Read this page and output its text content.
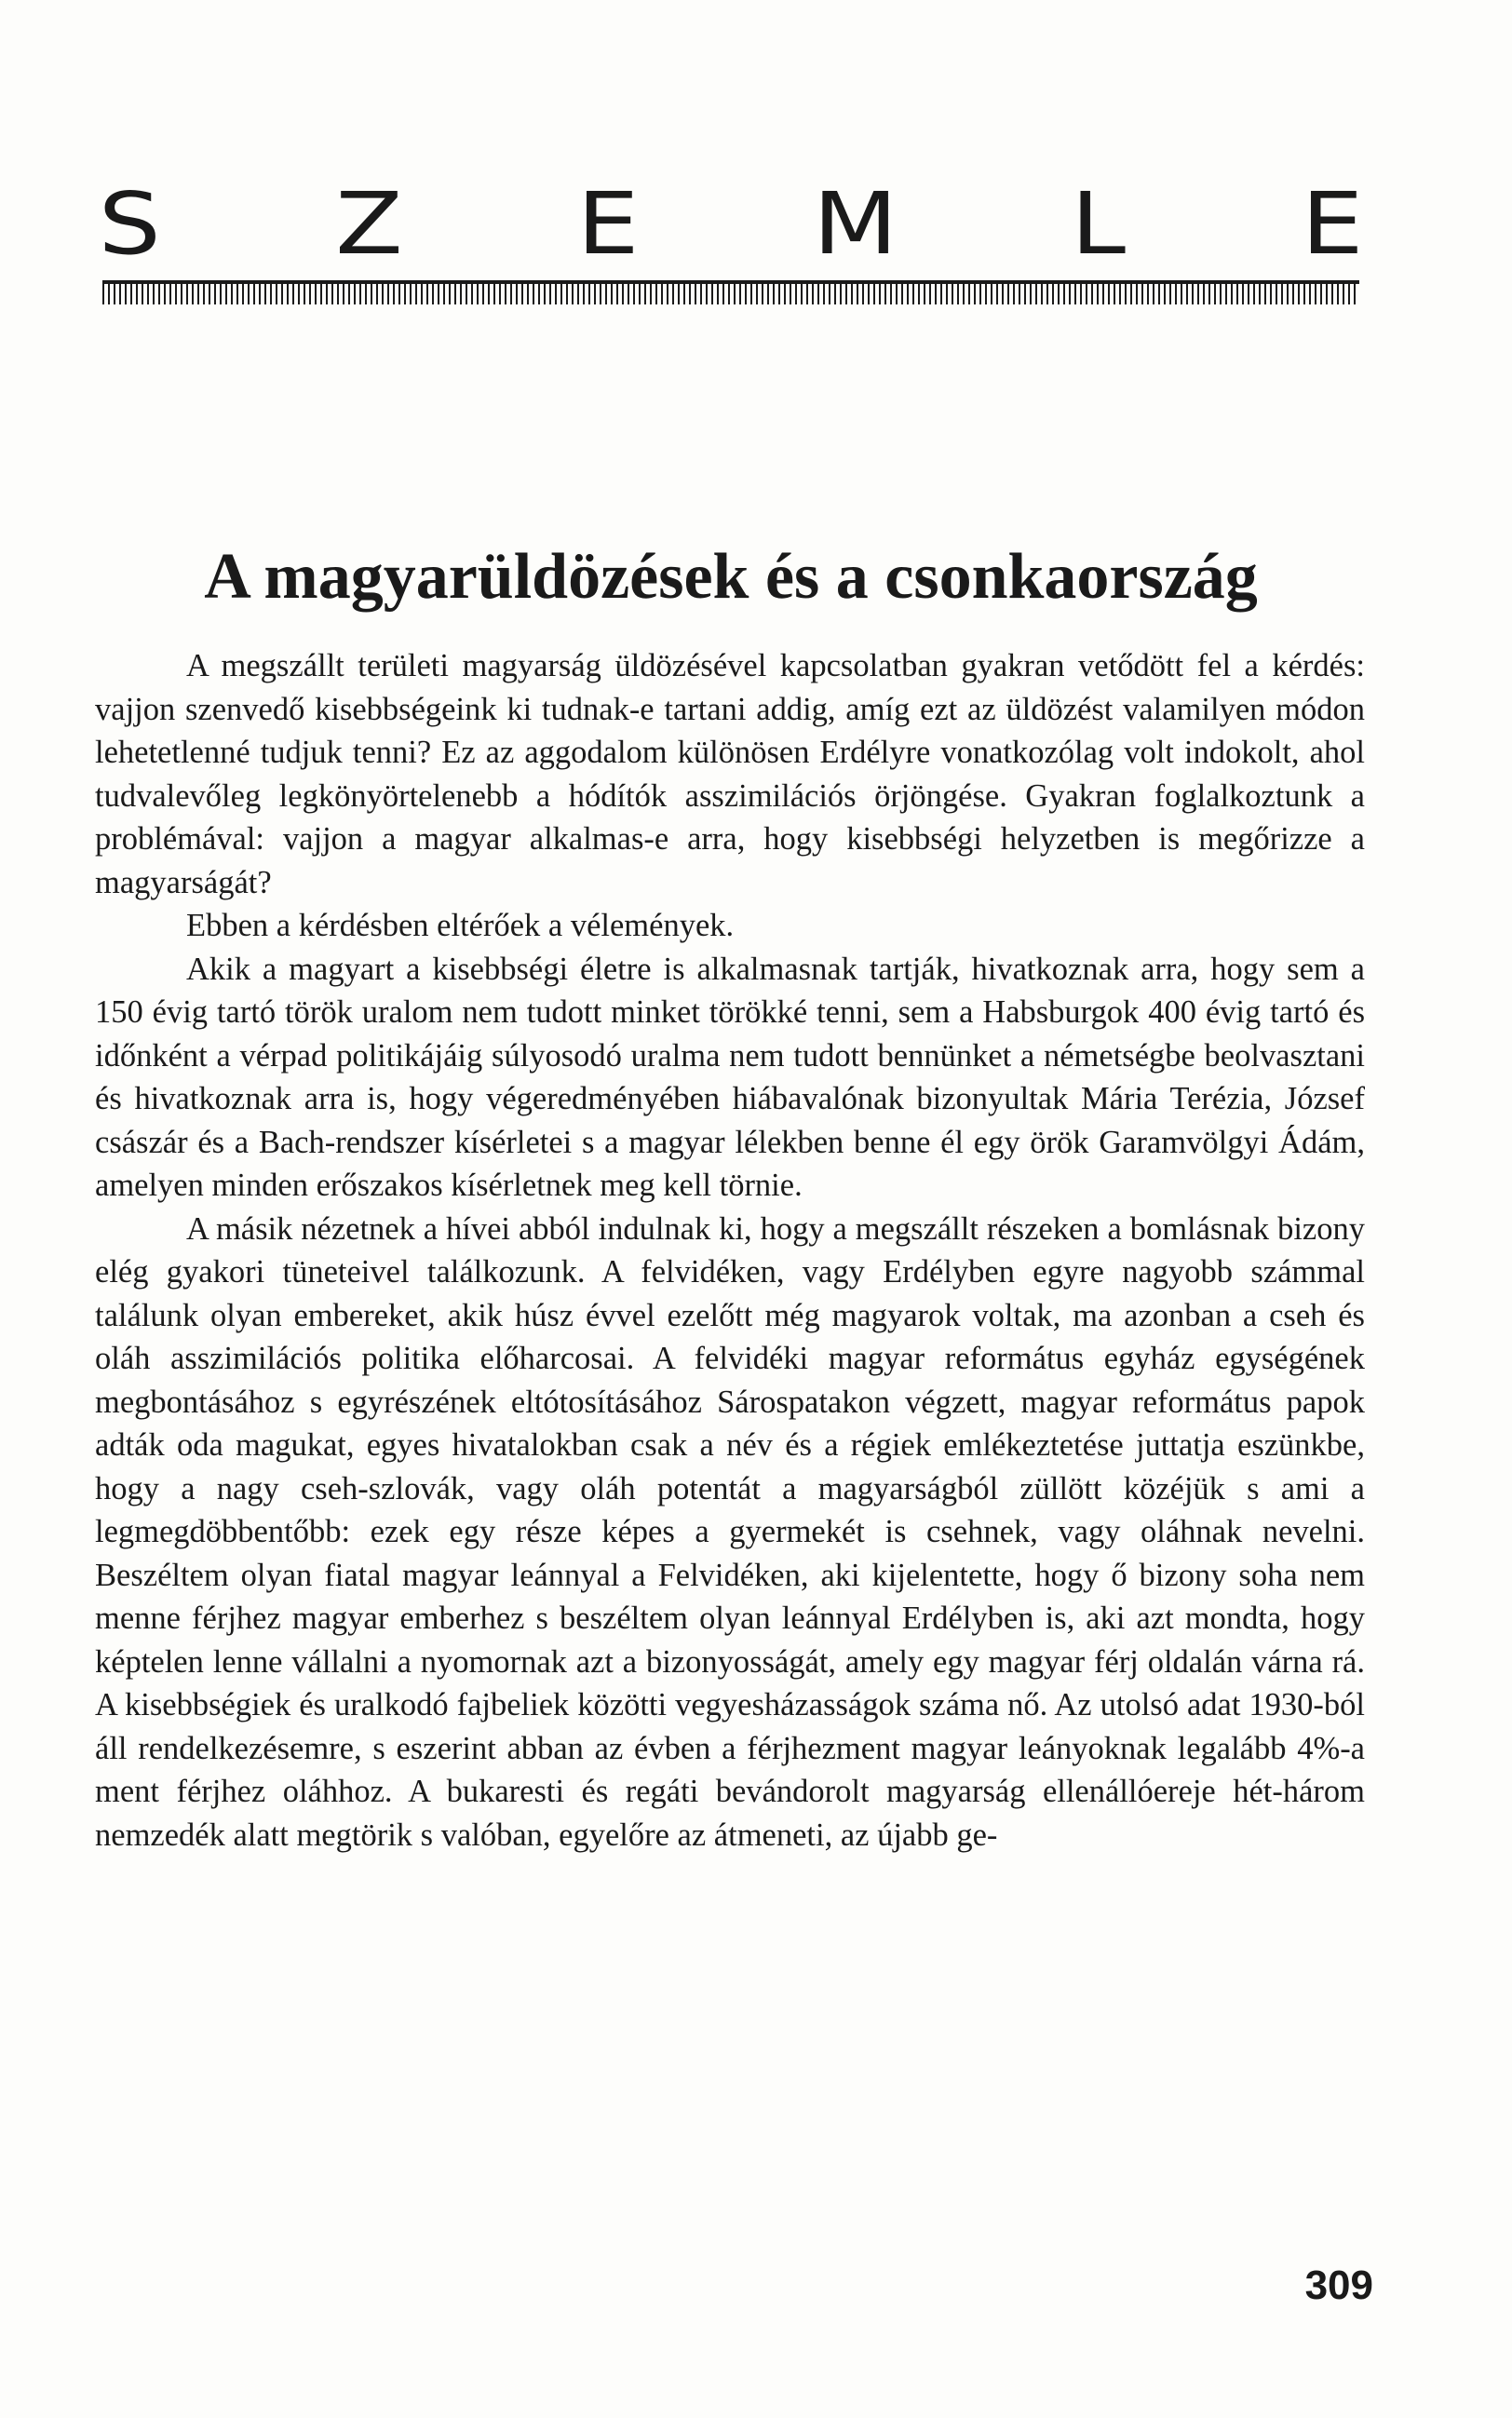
S Z E M L E
A magyarüldözések és a csonkaország

A megszállt területi magyarság üldözésével kapcsolatban gyakran vetődött fel a kérdés: vajjon szenvedő kisebbségeink ki tudnak-e tartani addig, amíg ezt az üldözést valamilyen módon lehetetlenné tudjuk tenni? Ez az aggodalom különösen Erdélyre vonatkozólag volt indokolt, ahol tudvalevőleg legkönyörtelenebb a hódítók asszimilációs örjöngése. Gyakran foglalkoztunk a problémával: vajjon a magyar alkalmas-e arra, hogy kisebbségi helyzetben is megőrizze a magyarságát?

Ebben a kérdésben eltérőek a vélemények.

Akik a magyart a kisebbségi életre is alkalmasnak tartják, hivatkoznak arra, hogy sem a 150 évig tartó török uralom nem tudott minket törökké tenni, sem a Habsburgok 400 évig tartó és időnként a vérpad politikájáig súlyosodó uralma nem tudott bennünket a németségbe beolvasztani és hivatkoznak arra is, hogy végeredményében hiábavalónak bizonyultak Mária Terézia, József császár és a Bach-rendszer kísérletei s a magyar lélekben benne él egy örök Garamvölgyi Ádám, amelyen minden erőszakos kísérletnek meg kell törnie.

A másik nézetnek a hívei abból indulnak ki, hogy a megszállt részeken a bomlásnak bizony elég gyakori tüneteivel találkozunk. A felvidéken, vagy Erdélyben egyre nagyobb számmal találunk olyan embereket, akik húsz évvel ezelőtt még magyarok voltak, ma azonban a cseh és oláh asszimilációs politika előharcosai. A felvidéki magyar református egyház egységének megbontásához s egyrészének eltótosításához Sárospatakon végzett, magyar református papok adták oda magukat, egyes hivatalokban csak a név és a régiek emlékeztetése juttatja eszünkbe, hogy a nagy cseh-szlovák, vagy oláh potentát a magyarságból züllött közéjük s ami a legmegdöbbentőbb: ezek egy része képes a gyermekét is csehnek, vagy oláhnak nevelni. Beszéltem olyan fiatal magyar leánnyal a Felvidéken, aki kijelentette, hogy ő bizony soha nem menne férjhez magyar emberhez s beszéltem olyan leánnyal Erdélyben is, aki azt mondta, hogy képtelen lenne vállalni a nyomornak azt a bizonyosságát, amely egy magyar férj oldalán várna rá. A kisebbségiek és uralkodó fajbeliek közötti vegyesházasságok száma nő. Az utolsó adat 1930-ból áll rendelkezésemre, s eszerint abban az évben a férjhezment magyar leányoknak legalább 4%-a ment férjhez oláhhoz. A bukaresti és regáti bevándorolt magyarság ellenállóereje hét-három nemzedék alatt megtörik s valóban, egyelőre az átmeneti, az újabb ge-

309
